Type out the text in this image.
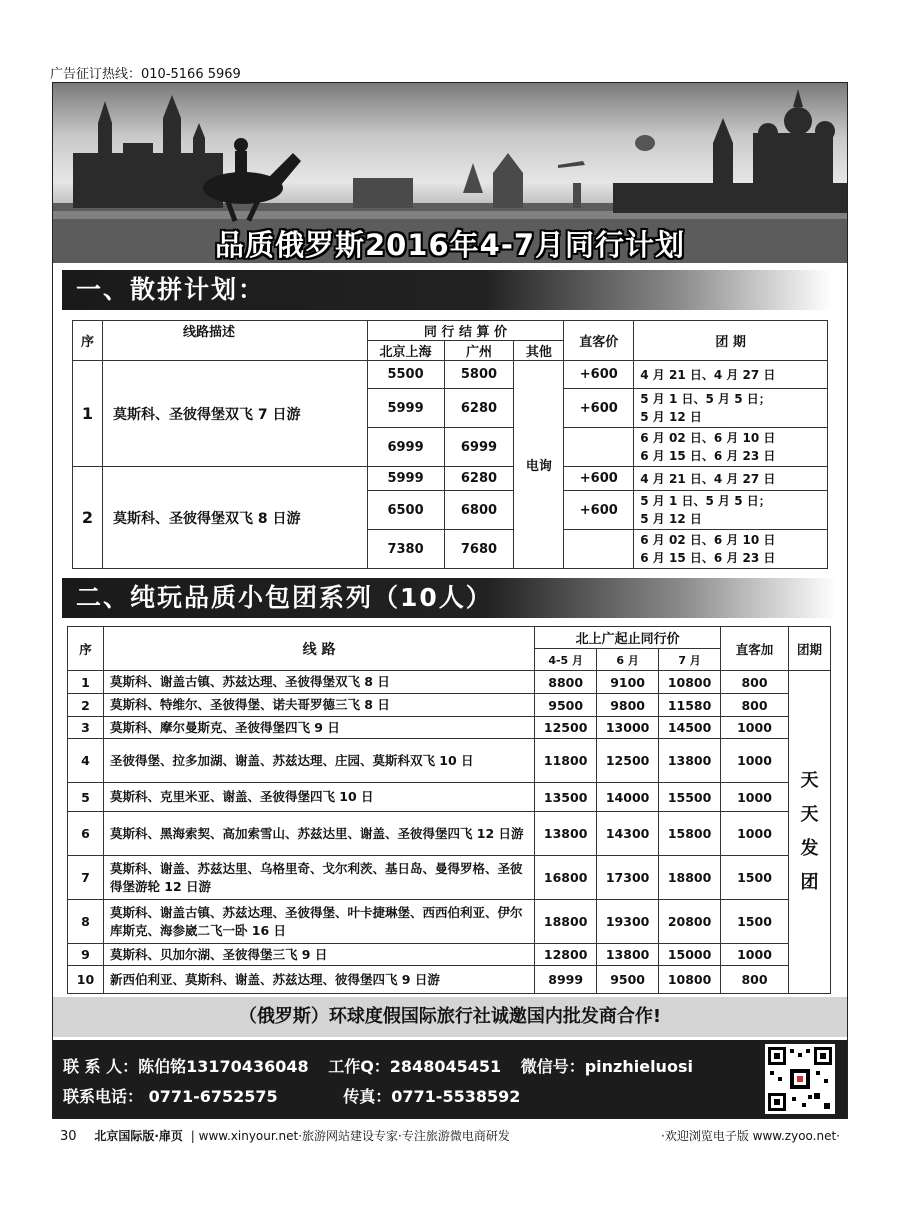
广告征订热线：010-5166 5969
品质俄罗斯2016年4-7月同行计划
一、散拼计划：
序	线路描述	同 行 结 算 价			直客价	团 期
		北京上海	广州	其他		
1	莫斯科、圣彼得堡双飞 7 日游	5500	5800	电询	+600	4 月 21 日、4 月 27 日
		5999	6280		+600	5 月 1 日、5 月 5 日；
5 月 12 日

		6999	6999			6 月 02 日、6 月 10 日
6 月 15 日、6 月 23 日

2	莫斯科、圣彼得堡双飞 8 日游	5999	6280		+600	4 月 21 日、4 月 27 日
		6500	6800		+600	5 月 1 日、5 月 5 日；
5 月 12 日

		7380	7680			6 月 02 日、6 月 10 日
6 月 15 日、6 月 23 日
二、纯玩品质小包团系列（10人）
序	线 路	北上广起止同行价			直客加	团期
		4-5 月	6 月	7 月		
1	莫斯科、谢盖古镇、苏兹达理、圣彼得堡双飞 8 日	8800	9100	10800	800	天
天
发
团

2	莫斯科、特维尔、圣彼得堡、诺夫哥罗德三飞 8 日	9500	9800	11580	800	
3	莫斯科、摩尔曼斯克、圣彼得堡四飞 9 日	12500	13000	14500	1000	
4	圣彼得堡、拉多加湖、谢盖、苏兹达理、庄园、莫斯科双飞 10 日	11800	12500	13800	1000	
5	莫斯科、克里米亚、谢盖、圣彼得堡四飞 10 日	13500	14000	15500	1000	
6	莫斯科、黑海索契、高加索雪山、苏兹达里、谢盖、圣彼得堡四飞 12 日游	13800	14300	15800	1000	
7	莫斯科、谢盖、苏兹达里、乌格里奇、戈尔利茨、基日岛、曼得罗格、圣彼得堡游轮 12 日游	16800	17300	18800	1500	
8	莫斯科、谢盖古镇、苏兹达理、圣彼得堡、叶卡捷琳堡、西西伯利亚、伊尔库斯克、海参崴二飞一卧 16 日	18800	19300	20800	1500	
9	莫斯科、贝加尔湖、圣彼得堡三飞 9 日	12800	13800	15000	1000	
10	新西伯利亚、莫斯科、谢盖、苏兹达理、彼得堡四飞 9 日游	8999	9500	10800	800	
（俄罗斯）环球度假国际旅行社诚邀国内批发商合作!
联 系 人：陈伯铭13170436048 工作Q：2848045451 微信号：pinzhieluosi
联系电话： 0771-6752575	传真：0771-5538592
30 北京国际版·扉页 | www.xinyour.net·旅游网站建设专家·专注旅游微电商研发	·欢迎浏览电子版 www.zyoo.net·
